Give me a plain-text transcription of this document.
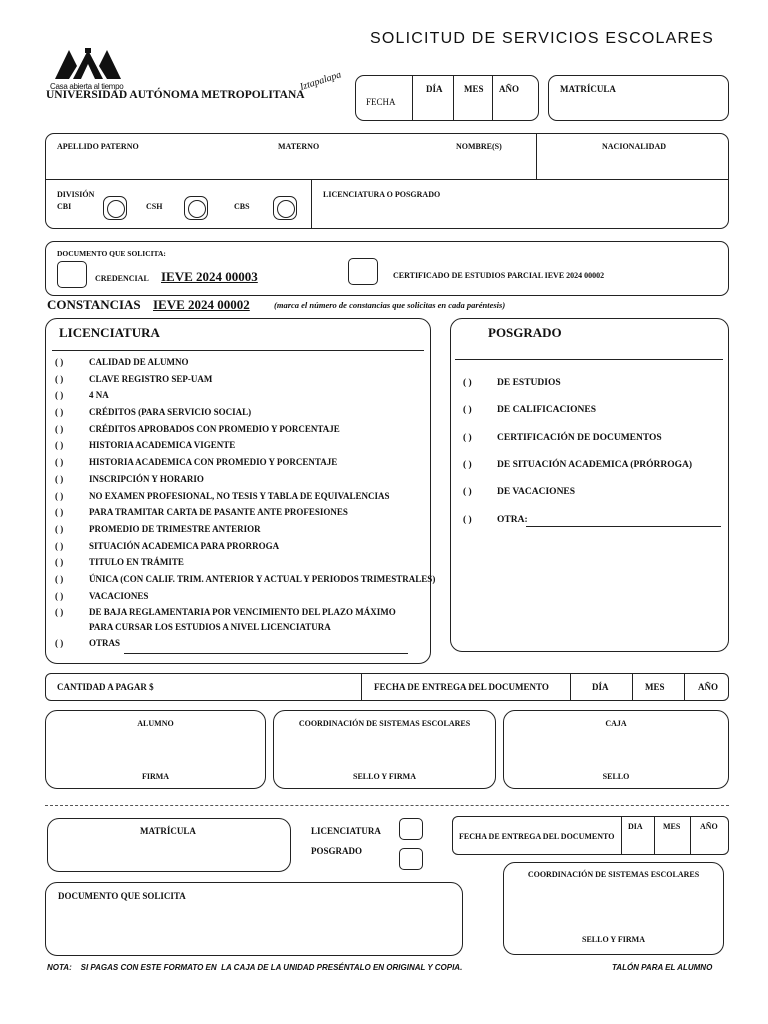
SOLICITUD DE SERVICIOS ESCOLARES
Casa abierta al tiempo
UNIVERSIDAD AUTÓNOMA METROPOLITANA
Iztapalapa
FECHA
DÍA MES AÑO	MATRÍCULA
APELLIDO PATERNO	MATERNO	NOMBRE(S)	NACIONALIDAD
DIVISIÓN
CBI	CSH	CBS
LICENCIATURA O POSGRADO
DOCUMENTO QUE SOLICITA:
CREDENCIAL IEVE 2024 00003	CERTIFICADO DE ESTUDIOS PARCIAL IEVE 2024 00002
CONSTANCIAS IEVE 2024 00002	(marca el número de constancias que solicitas en cada paréntesis)
LICENCIATURA
( )	CALIDAD DE ALUMNO
( )	CLAVE REGISTRO SEP-UAM
( )	4 NA
( )	CRÉDITOS (PARA SERVICIO SOCIAL)
( )	CRÉDITOS APROBADOS CON PROMEDIO Y PORCENTAJE
( )	HISTORIA ACADEMICA VIGENTE
( )	HISTORIA ACADEMICA CON PROMEDIO Y PORCENTAJE
( )	INSCRIPCIÓN Y HORARIO
( )	NO EXAMEN PROFESIONAL, NO TESIS Y TABLA DE EQUIVALENCIAS
( )	PARA TRAMITAR CARTA DE PASANTE ANTE PROFESIONES
( )	PROMEDIO DE TRIMESTRE ANTERIOR
( )	SITUACIÓN ACADEMICA PARA PRORROGA
( )	TITULO EN TRÁMITE
( )	ÚNICA (CON CALIF. TRIM. ANTERIOR Y ACTUAL Y PERIODOS TRIMESTRALES)
( )	VACACIONES
( )	DE BAJA REGLAMENTARIA POR VENCIMIENTO DEL PLAZO MÁXIMO
PARA CURSAR LOS ESTUDIOS A NIVEL LICENCIATURA
( )	OTRAS
POSGRADO
( )	DE ESTUDIOS
( )	DE CALIFICACIONES
( )	CERTIFICACIÓN DE DOCUMENTOS
( )	DE SITUACIÓN ACADEMICA (PRÓRROGA)
( )	DE VACACIONES
( )	OTRA:
CANTIDAD A PAGAR $	FECHA DE ENTREGA DEL DOCUMENTO	DÍA	MES	AÑO
ALUMNO
FIRMA
COORDINACIÓN DE SISTEMAS ESCOLARES
SELLO Y FIRMA
CAJA
SELLO
MATRÍCULA	LICENCIATURA
POSGRADO
FECHA DE ENTREGA DEL DOCUMENTO
DIA	MES AÑO
DOCUMENTO QUE SOLICITA
COORDINACIÓN DE SISTEMAS ESCOLARES
SELLO Y FIRMA
NOTA:    SI PAGAS CON ESTE FORMATO EN  LA CAJA DE LA UNIDAD PRESÉNTALO EN ORIGINAL Y COPIA.	TALÓN PARA EL ALUMNO
